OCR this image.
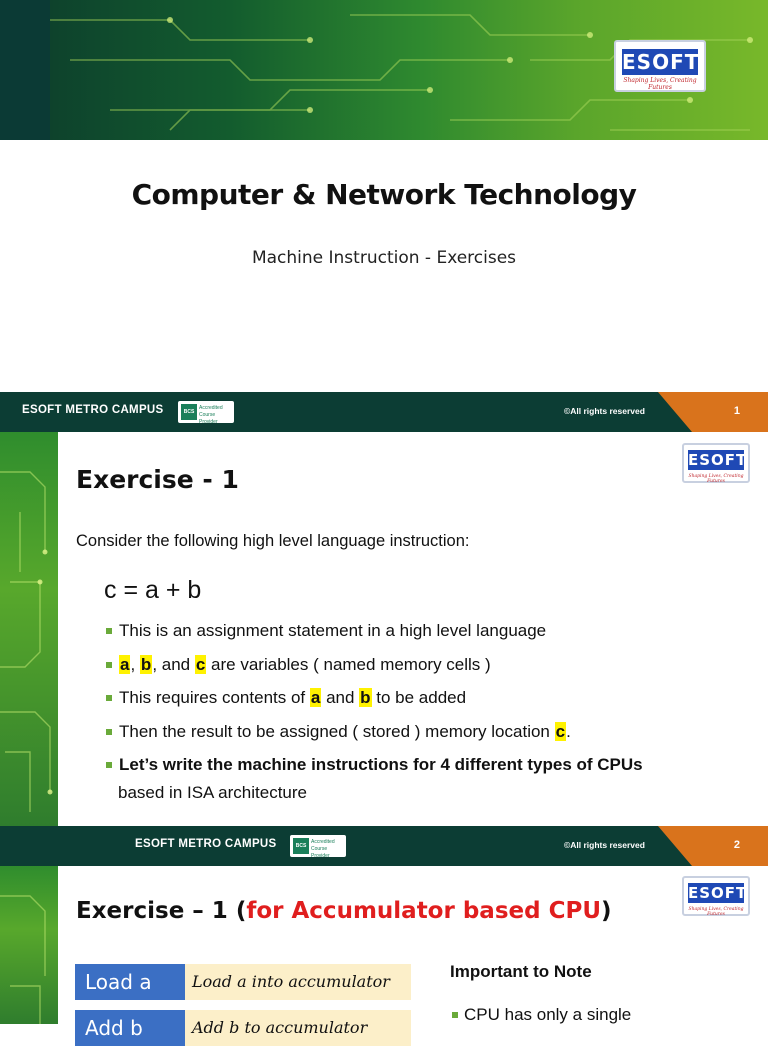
ESOFT
Shaping Lives, Creating Futures
Computer & Network Technology
Machine Instruction - Exercises
ESOFT METRO CAMPUS	BCS
Accredited Course Provider
©All rights reserved	1
ESOFT
Shaping Lives, Creating Futures
Exercise - 1
Consider the following high level language instruction:
c = a + b
This is an assignment statement in a high level language
a, b, and c are variables ( named memory cells )
This requires contents of a and b to be added
Then the result to be assigned ( stored ) memory location c.
Let’s write the machine instructions for 4 different types of CPUs
based in ISA architecture
ESOFT METRO CAMPUS	BCS
Accredited Course Provider
©All rights reserved	2
ESOFT
Shaping Lives, Creating Futures
Exercise – 1 (for Accumulator based CPU)
Load a	Load a into accumulator
Add b	Add b to accumulator
Important to Note
CPU has only a single
